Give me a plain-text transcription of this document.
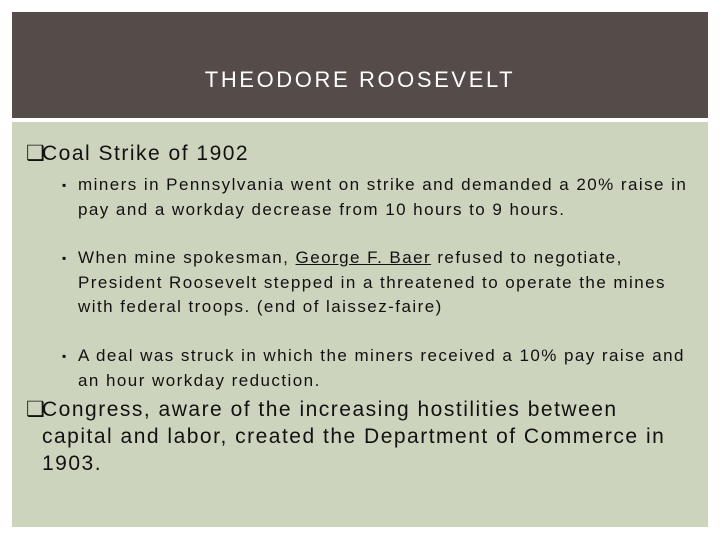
THEODORE ROOSEVELT

❑
Coal Strike of 1902

▪ miners in Pennsylvania went on strike and demanded a 20% raise in pay and a workday decrease from 10 hours to 9 hours.

▪ When mine spokesman, George F. Baer refused to negotiate, President Roosevelt stepped in a threatened to operate the mines with federal troops. (end of laissez-faire)

▪ A deal was struck in which the miners received a 10% pay raise and an hour workday reduction.

❑
Congress, aware of the increasing hostilities between capital and labor, created the Department of Commerce in 1903.
